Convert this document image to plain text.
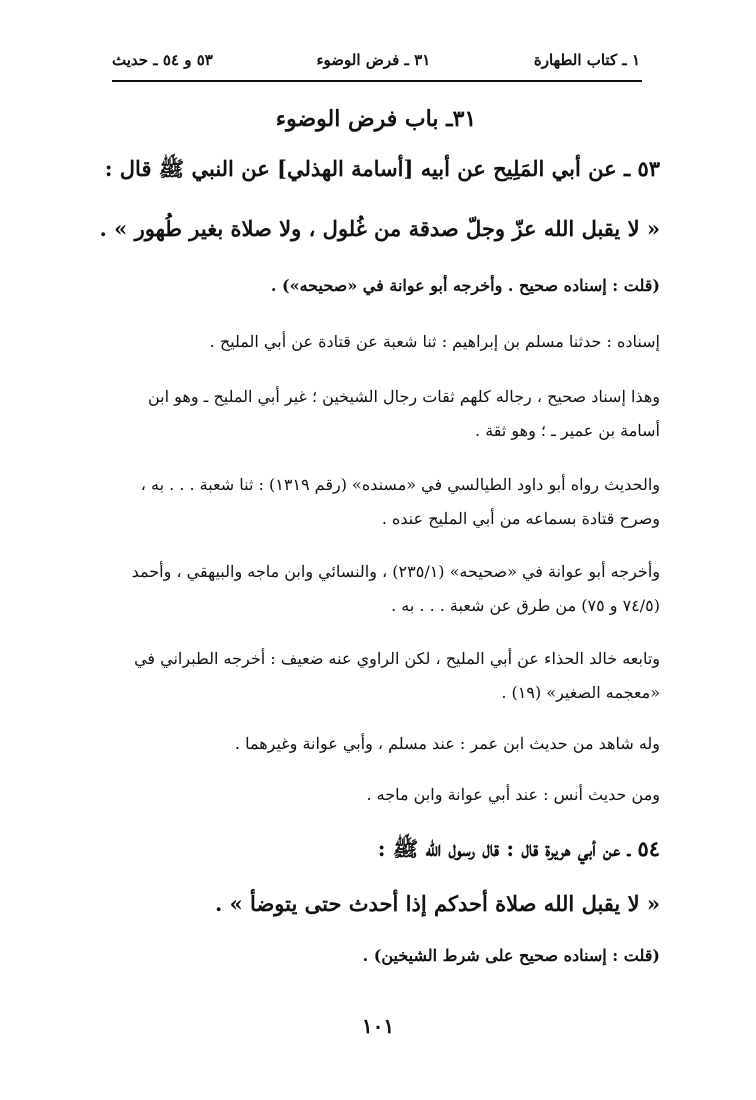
١ ـ كتاب الطهارة
٣١ ـ فرض الوضوء
٥٣ و ٥٤ ـ حديث
٣١ـ باب فرض الوضوء
٥٣ ـ عن أبي المَلِيح عن أبيه [أسامة الهذلي] عن النبي ﷺ قال :
« لا يقبل الله عزّ وجلّ صدقة من غُلول ، ولا صلاة بغير طُهور » .
(قلت : إسناده صحيح . وأخرجه أبو عوانة في «صحيحه») .
إسناده : حدثنا مسلم بن إبراهيم : ثنا شعبة عن قتادة عن أبي المليح .
وهذا إسناد صحيح ، رجاله كلهم ثقات رجال الشيخين ؛ غير أبي المليح ـ وهو ابن أسامة بن عمير ـ ؛ وهو ثقة .
والحديث رواه أبو داود الطيالسي في «مسنده» (رقم ١٣١٩) : ثنا شعبة . . . به ، وصرح قتادة بسماعه من أبي المليح عنده .
وأخرجه أبو عوانة في «صحيحه» (٢٣٥/١) ، والنسائي وابن ماجه والبيهقي ، وأحمد (٧٤/٥ و ٧٥) من طرق عن شعبة . . . به .
وتابعه خالد الحذاء عن أبي المليح ، لكن الراوي عنه ضعيف : أخرجه الطبراني في «معجمه الصغير» (١٩) .
وله شاهد من حديث ابن عمر : عند مسلم ، وأبي عوانة وغيرهما .
ومن حديث أنس : عند أبي عوانة وابن ماجه .
٥٤ ـ عن أبي هريرة قال : قال رسول الله ﷺ :
« لا يقبل الله صلاة أحدكم إذا أحدث حتى يتوضأ » .
(قلت : إسناده صحيح على شرط الشيخين) .
١٠١
